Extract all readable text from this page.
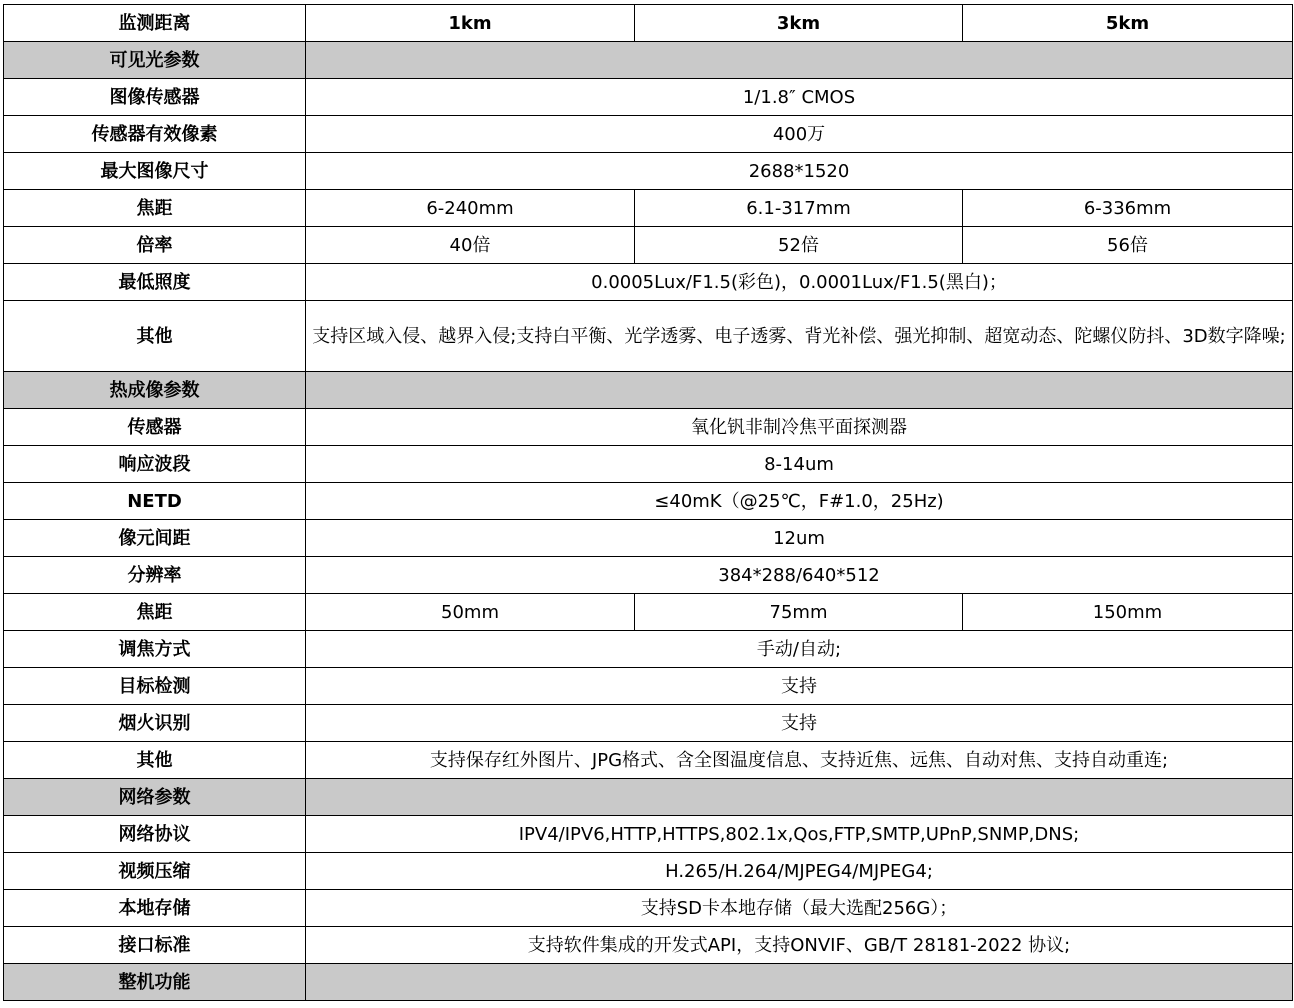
监测距离	1km	3km	5km
可见光参数			
图像传感器	1/1.8″ CMOS		
传感器有效像素	400万		
最大图像尺寸	2688*1520		
焦距	6-240mm	6.1-317mm	6-336mm
倍率	40倍	52倍	56倍
最低照度	0.0005Lux/F1.5(彩色)，0.0001Lux/F1.5(黑白)；		
其他	支持区域入侵、越界入侵;支持白平衡、光学透雾、电子透雾、背光补偿、强光抑制、超宽动态、陀螺仪防抖、3D数字降噪;		
热成像参数			
传感器	氧化钒非制冷焦平面探测器		
响应波段	8-14um		
NETD	≤40mK（@25℃，F#1.0，25Hz)		
像元间距	12um		
分辨率	384*288/640*512		
焦距	50mm	75mm	150mm
调焦方式	手动/自动;		
目标检测	支持		
烟火识别	支持		
其他	支持保存红外图片、JPG格式、含全图温度信息、支持近焦、远焦、自动对焦、支持自动重连;		
网络参数			
网络协议	IPV4/IPV6,HTTP,HTTPS,802.1x,Qos,FTP,SMTP,UPnP,SNMP,DNS;		
视频压缩	H.265/H.264/MJPEG4/MJPEG4;		
本地存储	支持SD卡本地存储（最大选配256G）；		
接口标准	支持软件集成的开发式API，支持ONVIF、GB/T 28181-2022 协议;		
整机功能			
